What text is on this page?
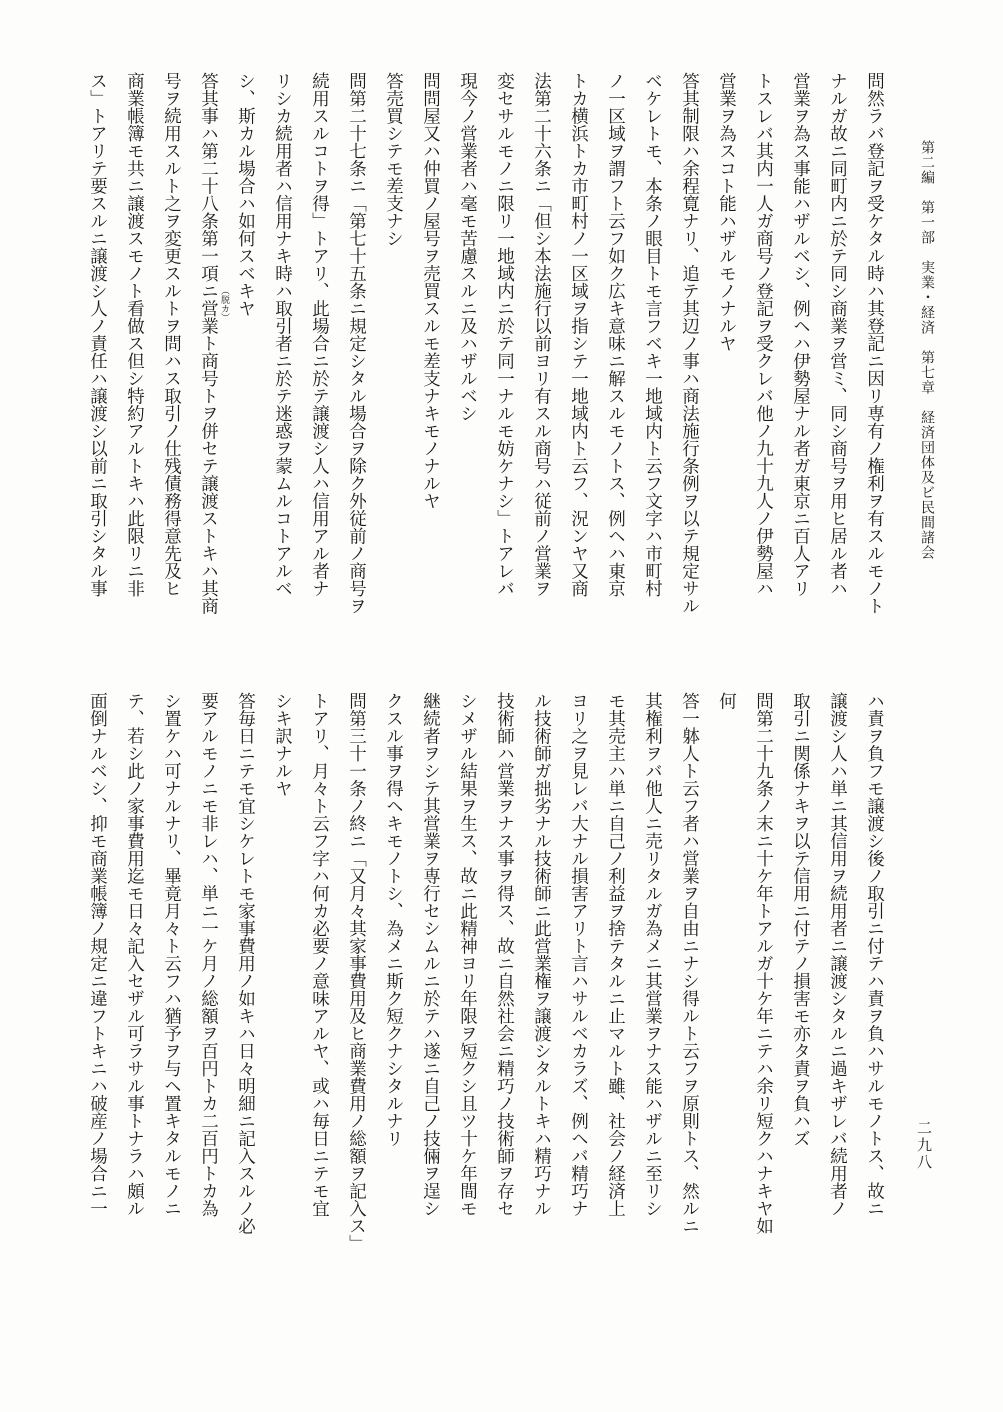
第二編　第一部　実業・経済　第七章　経済団体及ビ民間諸会
二九八
問然ラバ登記ヲ受ケタル時ハ其登記ニ因リ専有ノ権利ヲ有スルモノト
ナルガ故ニ同町内ニ於テ同シ商業ヲ営ミ、同シ商号ヲ用ヒ居ル者ハ
営業ヲ為ス事能ハザルベシ、例ヘハ伊勢屋ナル者ガ東京ニ百人アリ
トスレバ其内一人ガ商号ノ登記ヲ受クレバ他ノ九十九人ノ伊勢屋ハ
営業ヲ為スコト能ハザルモノナルヤ
答其制限ハ余程寛ナリ、追テ其辺ノ事ハ商法施行条例ヲ以テ規定サル
ベケレトモ、本条ノ眼目トモ言フベキ一地域内ト云フ文字ハ市町村
ノ一区域ヲ謂フト云フ如ク広キ意味ニ解スルモノトス、例ヘハ東京
トカ横浜トカ市町村ノ一区域ヲ指シテ一地域内ト云フ、況ンヤ又商
法第二十六条ニ「但シ本法施行以前ヨリ有スル商号ハ従前ノ営業ヲ
変セサルモノニ限リ一地域内ニ於テ同一ナルモ妨ケナシ」トアレバ
現今ノ営業者ハ毫モ苦慮スルニ及ハザルベシ
問問屋又ハ仲買ノ屋号ヲ売買スルモ差支ナキモノナルヤ
答売買シテモ差支ナシ
問第二十七条ニ「第七十五条ニ規定シタル場合ヲ除ク外従前ノ商号ヲ
続用スルコトヲ得」トアリ、此場合ニ於テ譲渡シ人ハ信用アル者ナ
リシカ続用者ハ信用ナキ時ハ取引者ニ於テ迷惑ヲ蒙ムルコトアルベ
シ、斯カル場合ハ如何スベキヤ
（脱カ）
答其事ハ第二十八条第一項ニ営業ト商号トヲ併セテ譲渡ストキハ其商
号ヲ続用スルト之ヲ変更スルトヲ問ハス取引ノ仕残債務得意先及ヒ
商業帳簿モ共ニ譲渡スモノト看做ス但シ特約アルトキハ此限リニ非
ス」トアリテ要スルニ譲渡シ人ノ責任ハ譲渡シ以前ニ取引シタル事
ハ責ヲ負フモ譲渡シ後ノ取引ニ付テハ責ヲ負ハサルモノトス、故ニ
譲渡シ人ハ単ニ其信用ヲ続用者ニ譲渡シタルニ過キザレバ続用者ノ
取引ニ関係ナキヲ以テ信用ニ付テノ損害モ亦タ責ヲ負ハズ
問第二十九条ノ末ニ十ケ年トアルガ十ケ年ニテハ余リ短クハナキヤ如
何
答一躰人ト云フ者ハ営業ヲ自由ニナシ得ルト云フヲ原則トス、然ルニ
其権利ヲバ他人ニ売リタルガ為メニ其営業ヲナス能ハザルニ至リシ
モ其売主ハ単ニ自己ノ利益ヲ捨テタルニ止マルト雖、社会ノ経済上
ヨリ之ヲ見レバ大ナル損害アリト言ハサルベカラズ、例ヘバ精巧ナ
ル技術師ガ拙劣ナル技術師ニ此営業権ヲ譲渡シタルトキハ精巧ナル
技術師ハ営業ヲナス事ヲ得ス、故ニ自然社会ニ精巧ノ技術師ヲ存セ
シメザル結果ヲ生ス、故ニ此精神ヨリ年限ヲ短クシ且ツ十ケ年間モ
継続者ヲシテ其営業ヲ専行セシムルニ於テハ遂ニ自己ノ技倆ヲ逞シ
クスル事ヲ得ヘキモノトシ、為メニ斯ク短クナシタルナリ
問第三十一条ノ終ニ「又月々其家事費用及ヒ商業費用ノ総額ヲ記入ス」
トアリ、月々ト云フ字ハ何カ必要ノ意味アルヤ、或ハ毎日ニテモ宜
シキ訳ナルヤ
答毎日ニテモ宜シケレトモ家事費用ノ如キハ日々明細ニ記入スルノ必
要アルモノニモ非レハ、単ニ一ケ月ノ総額ヲ百円トカ二百円トカ為
シ置ケハ可ナルナリ、畢竟月々ト云フハ猶予ヲ与ヘ置キタルモノニ
テ、若シ此ノ家事費用迄モ日々記入セザル可ラサル事トナラハ頗ル
面倒ナルベシ、抑モ商業帳簿ノ規定ニ違フトキニハ破産ノ場合ニ一
